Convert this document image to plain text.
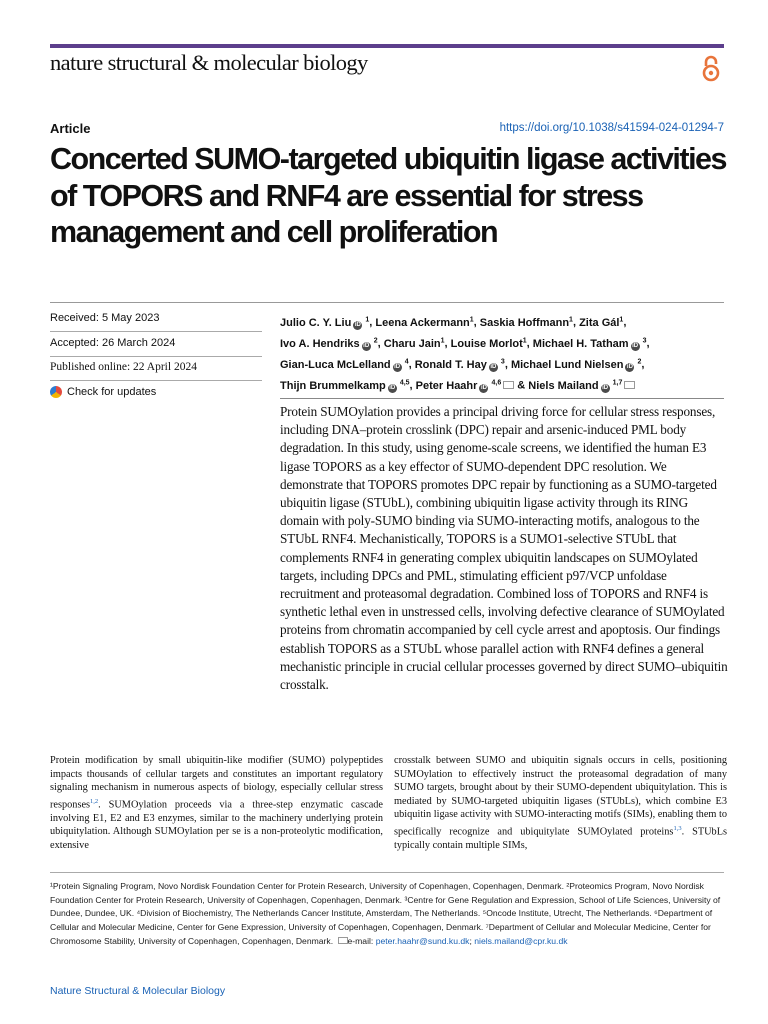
nature structural & molecular biology
Article	https://doi.org/10.1038/s41594-024-01294-7
Concerted SUMO-targeted ubiquitin ligase activities of TOPORS and RNF4 are essential for stress management and cell proliferation
Received: 5 May 2023
Accepted: 26 March 2024
Published online: 22 April 2024
Check for updates
Julio C. Y. Liu iD $^1$, Leena Ackermann$^1$, Saskia Hoffmann$^1$, Zita Gál$^1$,
Ivo A. Hendriks iD $^2$, Charu Jain$^1$, Louise Morlot$^1$, Michael H. Tatham iD $^3$,
Gian-Luca McLelland iD $^4$, Ronald T. Hay iD $^3$, Michael Lund Nielsen iD $^2$,
Thijn Brummelkamp iD $^{4,5}$, Peter Haahr iD $^{4,6}$ & Niels Mailand iD $^{1,7}$

Protein SUMOylation provides a principal driving force for cellular stress responses, including DNA–protein crosslink (DPC) repair and arsenic-induced PML body degradation. In this study, using genome-scale screens, we identified the human E3 ligase TOPORS as a key effector of SUMO-dependent DPC resolution. We demonstrate that TOPORS promotes DPC repair by functioning as a SUMO-targeted ubiquitin ligase (STUbL), combining ubiquitin ligase activity through its RING domain with poly-SUMO binding via SUMO-interacting motifs, analogous to the STUbL RNF4. Mechanistically, TOPORS is a SUMO1-selective STUbL that complements RNF4 in generating complex ubiquitin landscapes on SUMOylated targets, including DPCs and PML, stimulating efficient p97/VCP unfoldase recruitment and proteasomal degradation. Combined loss of TOPORS and RNF4 is synthetic lethal even in unstressed cells, involving defective clearance of SUMOylated proteins from chromatin accompanied by cell cycle arrest and apoptosis. Our findings establish TOPORS as a STUbL whose parallel action with RNF4 defines a general mechanistic principle in crucial cellular processes governed by direct SUMO–ubiquitin crosstalk.

Protein modification by small ubiquitin-like modifier (SUMO) polypeptides impacts thousands of cellular targets and constitutes an important regulatory signaling mechanism in numerous aspects of biology, especially cellular stress responses$^{1,2}$. SUMOylation proceeds via a three-step enzymatic cascade involving E1, E2 and E3 enzymes, similar to the machinery underlying protein ubiquitylation. Although SUMOylation per se is a non-proteolytic modification, extensive

crosstalk between SUMO and ubiquitin signals occurs in cells, positioning SUMOylation to effectively instruct the proteasomal degradation of many SUMO targets, brought about by their SUMO-dependent ubiquitylation. This is mediated by SUMO-targeted ubiquitin ligases (STUbLs), which combine E3 ubiquitin ligase activity with SUMO-interacting motifs (SIMs), enabling them to specifically recognize and ubiquitylate SUMOylated proteins$^{1,3}$. STUbLs typically contain multiple SIMs,

¹Protein Signaling Program, Novo Nordisk Foundation Center for Protein Research, University of Copenhagen, Copenhagen, Denmark. ²Proteomics Program, Novo Nordisk Foundation Center for Protein Research, University of Copenhagen, Copenhagen, Denmark. ³Centre for Gene Regulation and Expression, School of Life Sciences, University of Dundee, Dundee, UK. ⁴Division of Biochemistry, The Netherlands Cancer Institute, Amsterdam, The Netherlands. ⁵Oncode Institute, Utrecht, The Netherlands. ⁶Department of Cellular and Molecular Medicine, Center for Gene Expression, University of Copenhagen, Copenhagen, Denmark. ⁷Department of Cellular and Molecular Medicine, Center for Chromosome Stability, University of Copenhagen, Copenhagen, Denmark. e-mail: peter.haahr@sund.ku.dk; niels.mailand@cpr.ku.dk
Nature Structural & Molecular Biology
